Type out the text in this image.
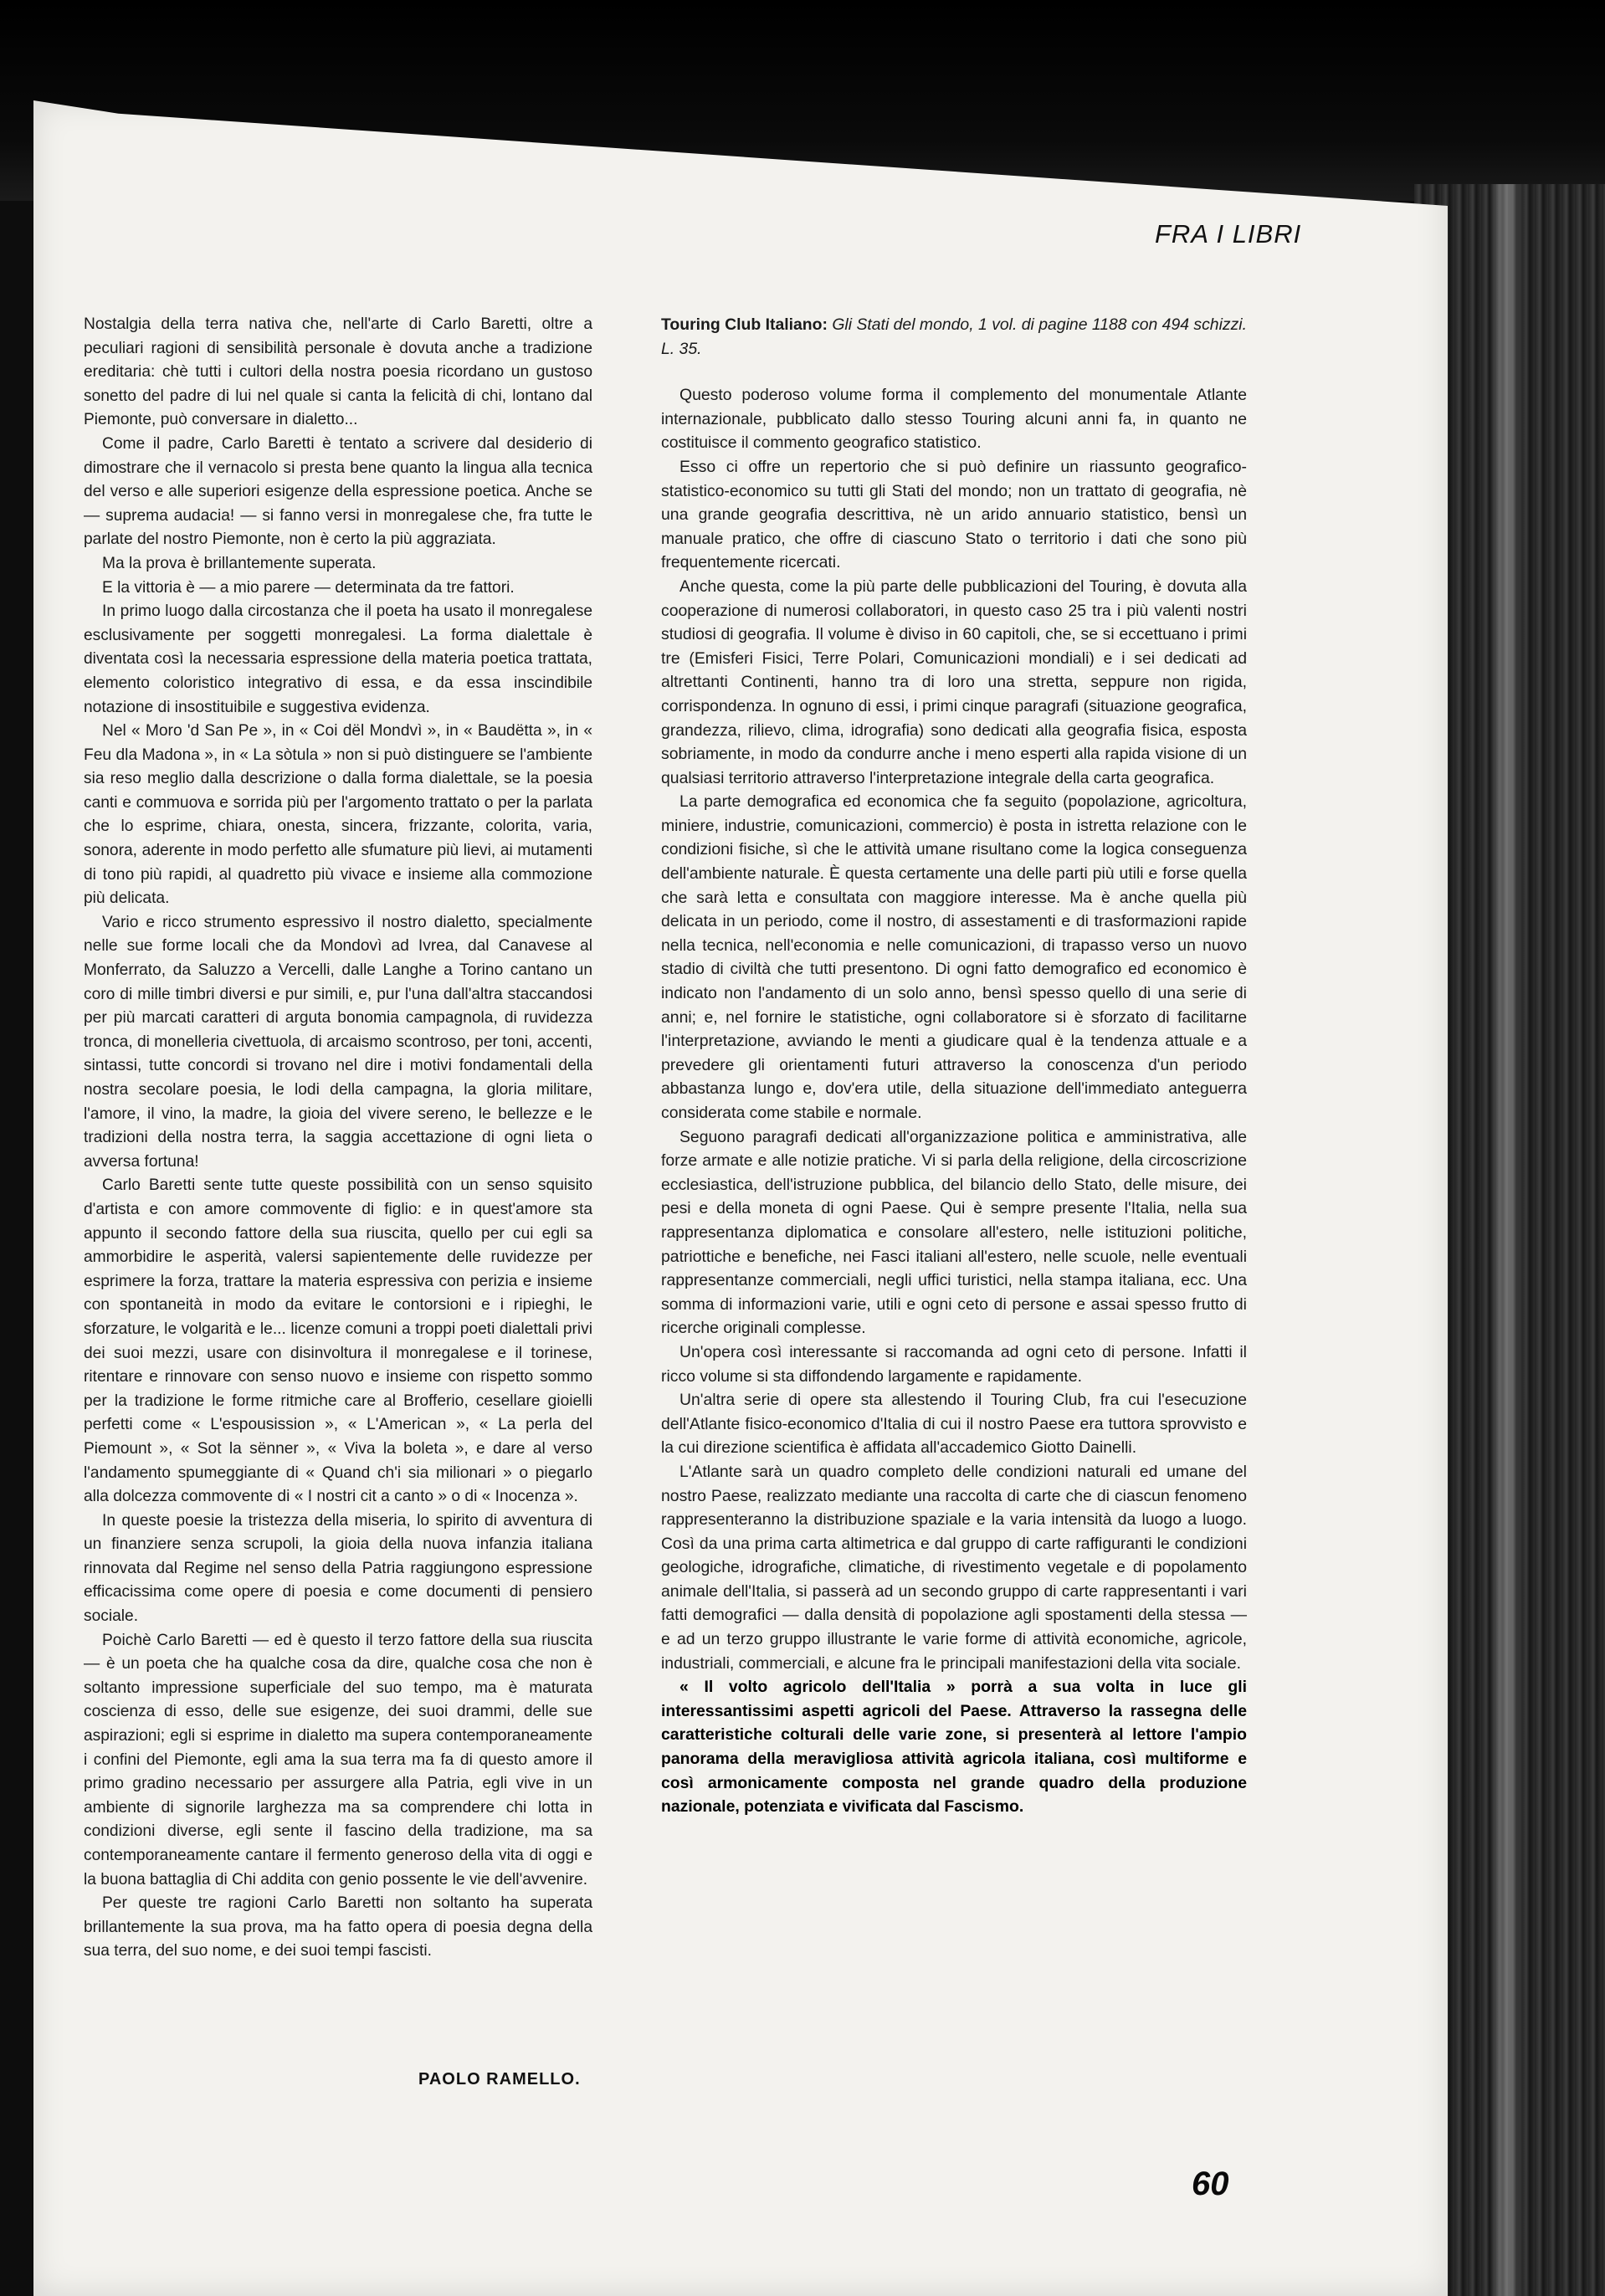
FRA I LIBRI

Nostalgia della terra nativa che, nell'arte di Carlo Baretti, oltre a peculiari ragioni di sensibilità personale è dovuta anche a tradizione ereditaria: chè tutti i cultori della nostra poesia ricordano un gustoso sonetto del padre di lui nel quale si canta la felicità di chi, lontano dal Piemonte, può conversare in dialetto...

Come il padre, Carlo Baretti è tentato a scrivere dal desiderio di dimostrare che il vernacolo si presta bene quanto la lingua alla tecnica del verso e alle superiori esigenze della espressione poetica. Anche se — suprema audacia! — si fanno versi in monregalese che, fra tutte le parlate del nostro Piemonte, non è certo la più aggraziata.

Ma la prova è brillantemente superata.

E la vittoria è — a mio parere — determinata da tre fattori.

In primo luogo dalla circostanza che il poeta ha usato il monregalese esclusivamente per soggetti monregalesi. La forma dialettale è diventata così la necessaria espressione della materia poetica trattata, elemento coloristico integrativo di essa, e da essa inscindibile notazione di insostituibile e suggestiva evidenza.

Nel « Moro 'd San Pe », in « Coi dël Mondvì », in « Baudëtta », in « Feu dla Madona », in « La sòtula » non si può distinguere se l'ambiente sia reso meglio dalla descrizione o dalla forma dialettale, se la poesia canti e commuova e sorrida più per l'argomento trattato o per la parlata che lo esprime, chiara, onesta, sincera, frizzante, colorita, varia, sonora, aderente in modo perfetto alle sfumature più lievi, ai mutamenti di tono più rapidi, al quadretto più vivace e insieme alla commozione più delicata.

Vario e ricco strumento espressivo il nostro dialetto, specialmente nelle sue forme locali che da Mondovì ad Ivrea, dal Canavese al Monferrato, da Saluzzo a Vercelli, dalle Langhe a Torino cantano un coro di mille timbri diversi e pur simili, e, pur l'una dall'altra staccandosi per più marcati caratteri di arguta bonomia campagnola, di ruvidezza tronca, di monelleria civettuola, di arcaismo scontroso, per toni, accenti, sintassi, tutte concordi si trovano nel dire i motivi fondamentali della nostra secolare poesia, le lodi della campagna, la gloria militare, l'amore, il vino, la madre, la gioia del vivere sereno, le bellezze e le tradizioni della nostra terra, la saggia accettazione di ogni lieta o avversa fortuna!

Carlo Baretti sente tutte queste possibilità con un senso squisito d'artista e con amore commovente di figlio: e in quest'amore sta appunto il secondo fattore della sua riuscita, quello per cui egli sa ammorbidire le asperità, valersi sapientemente delle ruvidezze per esprimere la forza, trattare la materia espressiva con perizia e insieme con spontaneità in modo da evitare le contorsioni e i ripieghi, le sforzature, le volgarità e le... licenze comuni a troppi poeti dialettali privi dei suoi mezzi, usare con disinvoltura il monregalese e il torinese, ritentare e rinnovare con senso nuovo e insieme con rispetto sommo per la tradizione le forme ritmiche care al Brofferio, cesellare gioielli perfetti come « L'espousission », « L'American », « La perla del Piemount », « Sot la sënner », « Viva la boleta », e dare al verso l'andamento spumeggiante di « Quand ch'i sia milionari » o piegarlo alla dolcezza commovente di « I nostri cit a canto » o di « Inocenza ».

In queste poesie la tristezza della miseria, lo spirito di avventura di un finanziere senza scrupoli, la gioia della nuova infanzia italiana rinnovata dal Regime nel senso della Patria raggiungono espressione efficacissima come opere di poesia e come documenti di pensiero sociale.

Poichè Carlo Baretti — ed è questo il terzo fattore della sua riuscita — è un poeta che ha qualche cosa da dire, qualche cosa che non è soltanto impressione superficiale del suo tempo, ma è maturata coscienza di esso, delle sue esigenze, dei suoi drammi, delle sue aspirazioni; egli si esprime in dialetto ma supera contemporaneamente i confini del Piemonte, egli ama la sua terra ma fa di questo amore il primo gradino necessario per assurgere alla Patria, egli vive in un ambiente di signorile larghezza ma sa comprendere chi lotta in condizioni diverse, egli sente il fascino della tradizione, ma sa contemporaneamente cantare il fermento generoso della vita di oggi e la buona battaglia di Chi addita con genio possente le vie dell'avvenire.

Per queste tre ragioni Carlo Baretti non soltanto ha superata brillantemente la sua prova, ma ha fatto opera di poesia degna della sua terra, del suo nome, e dei suoi tempi fascisti.

PAOLO RAMELLO.

Touring Club Italiano: Gli Stati del mondo, 1 vol. di pagine 1188 con 494 schizzi. L. 35.

Questo poderoso volume forma il complemento del monumentale Atlante internazionale, pubblicato dallo stesso Touring alcuni anni fa, in quanto ne costituisce il commento geografico statistico.

Esso ci offre un repertorio che si può definire un riassunto geografico-statistico-economico su tutti gli Stati del mondo; non un trattato di geografia, nè una grande geografia descrittiva, nè un arido annuario statistico, bensì un manuale pratico, che offre di ciascuno Stato o territorio i dati che sono più frequentemente ricercati.

Anche questa, come la più parte delle pubblicazioni del Touring, è dovuta alla cooperazione di numerosi collaboratori, in questo caso 25 tra i più valenti nostri studiosi di geografia. Il volume è diviso in 60 capitoli, che, se si eccettuano i primi tre (Emisferi Fisici, Terre Polari, Comunicazioni mondiali) e i sei dedicati ad altrettanti Continenti, hanno tra di loro una stretta, seppure non rigida, corrispondenza. In ognuno di essi, i primi cinque paragrafi (situazione geografica, grandezza, rilievo, clima, idrografia) sono dedicati alla geografia fisica, esposta sobriamente, in modo da condurre anche i meno esperti alla rapida visione di un qualsiasi territorio attraverso l'interpretazione integrale della carta geografica.

La parte demografica ed economica che fa seguito (popolazione, agricoltura, miniere, industrie, comunicazioni, commercio) è posta in istretta relazione con le condizioni fisiche, sì che le attività umane risultano come la logica conseguenza dell'ambiente naturale. È questa certamente una delle parti più utili e forse quella che sarà letta e consultata con maggiore interesse. Ma è anche quella più delicata in un periodo, come il nostro, di assestamenti e di trasformazioni rapide nella tecnica, nell'economia e nelle comunicazioni, di trapasso verso un nuovo stadio di civiltà che tutti presentono. Di ogni fatto demografico ed economico è indicato non l'andamento di un solo anno, bensì spesso quello di una serie di anni; e, nel fornire le statistiche, ogni collaboratore si è sforzato di facilitarne l'interpretazione, avviando le menti a giudicare qual è la tendenza attuale e a prevedere gli orientamenti futuri attraverso la conoscenza d'un periodo abbastanza lungo e, dov'era utile, della situazione dell'immediato anteguerra considerata come stabile e normale.

Seguono paragrafi dedicati all'organizzazione politica e amministrativa, alle forze armate e alle notizie pratiche. Vi si parla della religione, della circoscrizione ecclesiastica, dell'istruzione pubblica, del bilancio dello Stato, delle misure, dei pesi e della moneta di ogni Paese. Qui è sempre presente l'Italia, nella sua rappresentanza diplomatica e consolare all'estero, nelle istituzioni politiche, patriottiche e benefiche, nei Fasci italiani all'estero, nelle scuole, nelle eventuali rappresentanze commerciali, negli uffici turistici, nella stampa italiana, ecc. Una somma di informazioni varie, utili e ogni ceto di persone e assai spesso frutto di ricerche originali complesse.

Un'opera così interessante si raccomanda ad ogni ceto di persone. Infatti il ricco volume si sta diffondendo largamente e rapidamente.

Un'altra serie di opere sta allestendo il Touring Club, fra cui l'esecuzione dell'Atlante fisico-economico d'Italia di cui il nostro Paese era tuttora sprovvisto e la cui direzione scientifica è affidata all'accademico Giotto Dainelli.

L'Atlante sarà un quadro completo delle condizioni naturali ed umane del nostro Paese, realizzato mediante una raccolta di carte che di ciascun fenomeno rappresenteranno la distribuzione spaziale e la varia intensità da luogo a luogo. Così da una prima carta altimetrica e dal gruppo di carte raffiguranti le condizioni geologiche, idrografiche, climatiche, di rivestimento vegetale e di popolamento animale dell'Italia, si passerà ad un secondo gruppo di carte rappresentanti i vari fatti demografici — dalla densità di popolazione agli spostamenti della stessa — e ad un terzo gruppo illustrante le varie forme di attività economiche, agricole, industriali, commerciali, e alcune fra le principali manifestazioni della vita sociale.

« Il volto agricolo dell'Italia » porrà a sua volta in luce gli interessantissimi aspetti agricoli del Paese. Attraverso la rassegna delle caratteristiche colturali delle varie zone, si presenterà al lettore l'ampio panorama della meravigliosa attività agricola italiana, così multiforme e così armonicamente composta nel grande quadro della produzione nazionale, potenziata e vivificata dal Fascismo.

60
